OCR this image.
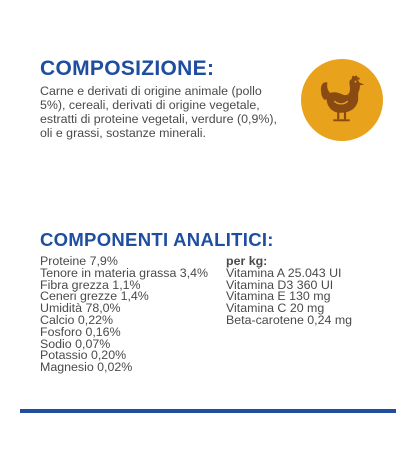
COMPOSIZIONE:

Carne e derivati di origine animale (pollo 5%), cereali, derivati di origine vegetale, estratti di proteine vegetali, verdure (0,9%), oli e grassi, sostanze minerali.

COMPONENTI ANALITICI:
Proteine 7,9%
Tenore in materia grassa 3,4%
Fibra grezza 1,1%
Ceneri grezze 1,4%
Umidità 78,0%
Calcio 0,22%
Fosforo 0,16%
Sodio 0,07%
Potassio 0,20%
Magnesio 0,02%
per kg:
Vitamina A 25.043 UI
Vitamina D3 360 UI
Vitamina E 130 mg
Vitamina C 20 mg
Beta-carotene 0,24 mg
